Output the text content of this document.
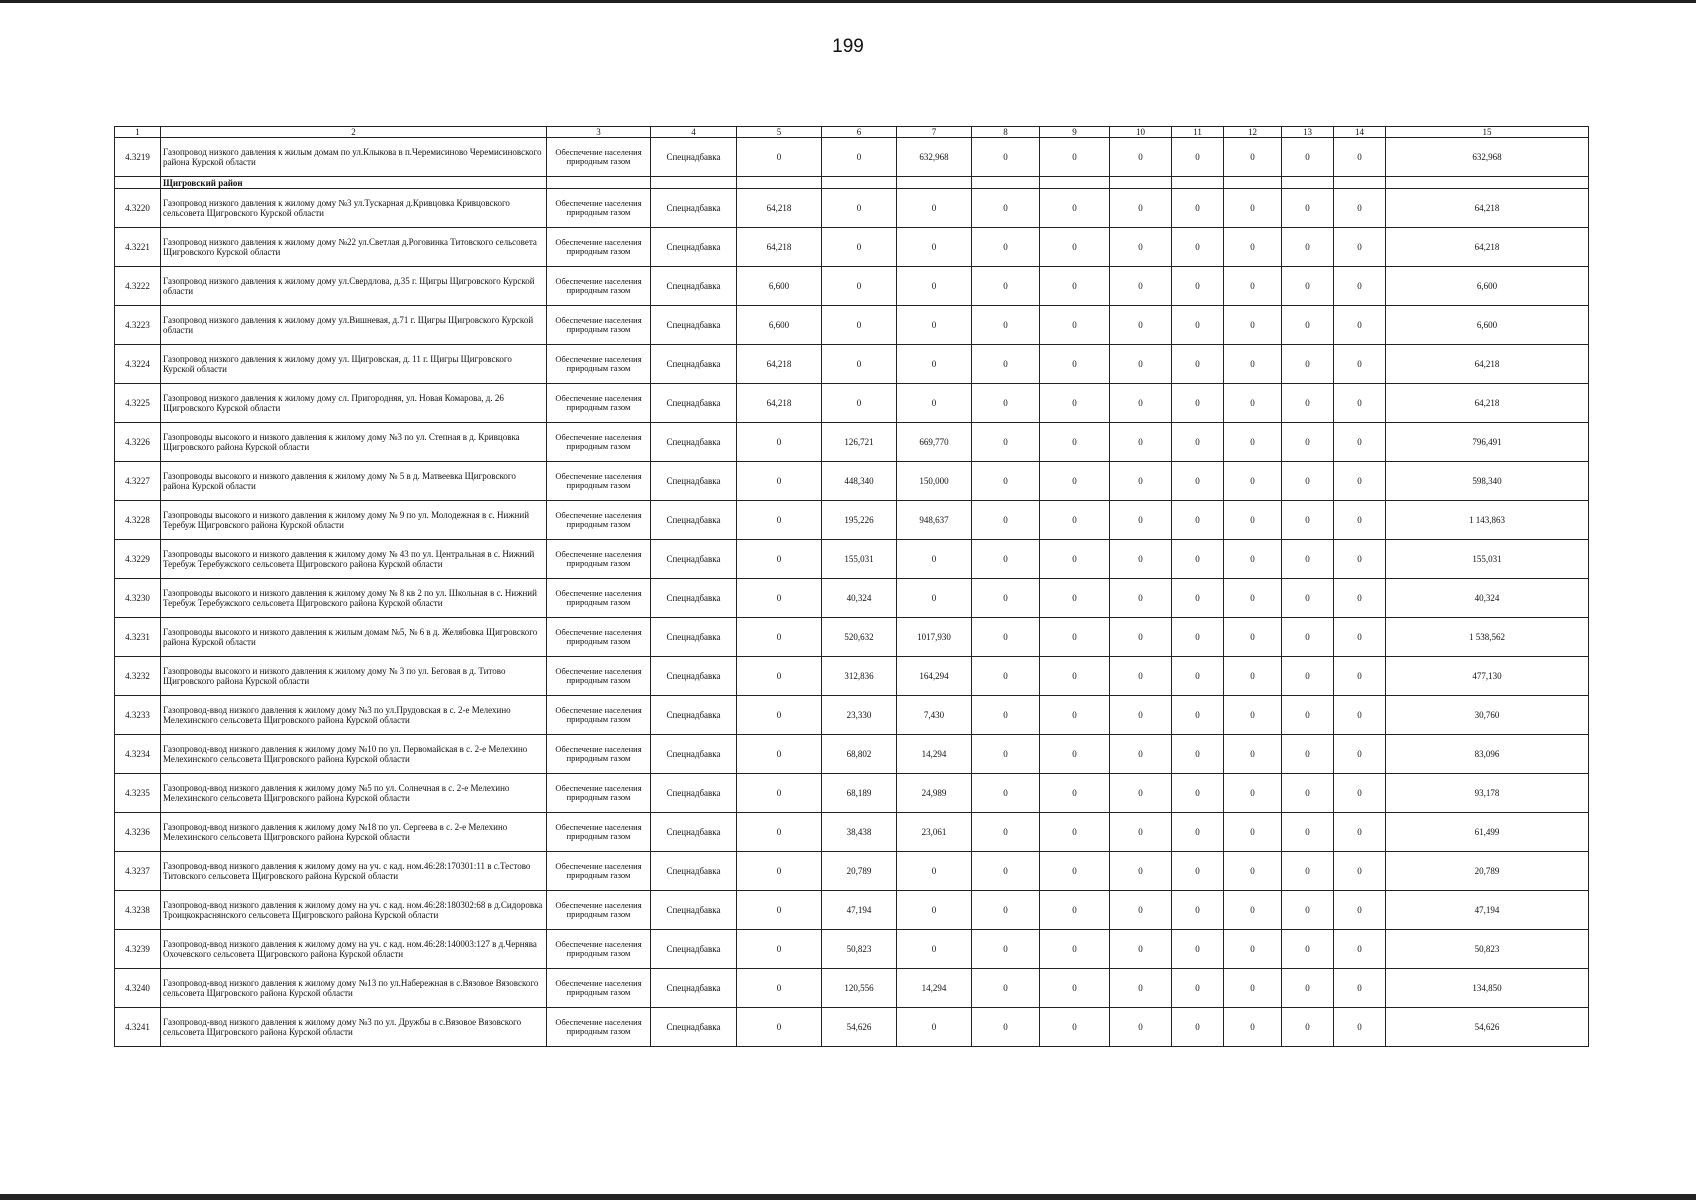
199
1	2	3	4	5	6	7	8	9	10	11	12	13	14	15
4.3219	Газопровод низкого давления к жилым домам по ул.Клыкова в п.Черемисиново Черемисиновского района Курской области	Обеспечение населения природным газом	Спецнадбавка	0	0	632,968	0	0	0	0	0	0	0	632,968
	Щигровский район													
4.3220	Газопровод низкого давления к жилому дому №3 ул.Тускарная д.Кривцовка Кривцовского сельсовета Щигровского Курской области	Обеспечение населения природным газом	Спецнадбавка	64,218	0	0	0	0	0	0	0	0	0	64,218
4.3221	Газопровод низкого давления к жилому дому №22 ул.Светлая д.Роговинка Титовского сельсовета Щигровского Курской области	Обеспечение населения природным газом	Спецнадбавка	64,218	0	0	0	0	0	0	0	0	0	64,218
4.3222	Газопровод низкого давления к жилому дому ул.Свердлова, д.35 г. Щигры Щигровского Курской области	Обеспечение населения природным газом	Спецнадбавка	6,600	0	0	0	0	0	0	0	0	0	6,600
4.3223	Газопровод низкого давления к жилому дому ул.Вишневая, д.71 г. Щигры Щигровского Курской области	Обеспечение населения природным газом	Спецнадбавка	6,600	0	0	0	0	0	0	0	0	0	6,600
4.3224	Газопровод низкого давления к жилому дому ул. Щигровская, д. 11 г. Щигры Щигровского Курской области	Обеспечение населения природным газом	Спецнадбавка	64,218	0	0	0	0	0	0	0	0	0	64,218
4.3225	Газопровод низкого давления к жилому дому сл. Пригородняя, ул. Новая Комарова, д. 26 Щигровского Курской области	Обеспечение населения природным газом	Спецнадбавка	64,218	0	0	0	0	0	0	0	0	0	64,218
4.3226	Газопроводы высокого и низкого давления к жилому дому №3 по ул. Степная в д. Кривцовка Щигровского района Курской области	Обеспечение населения природным газом	Спецнадбавка	0	126,721	669,770	0	0	0	0	0	0	0	796,491
4.3227	Газопроводы высокого и низкого давления к жилому дому № 5 в д. Матвеевка Щигровского района Курской области	Обеспечение населения природным газом	Спецнадбавка	0	448,340	150,000	0	0	0	0	0	0	0	598,340
4.3228	Газопроводы высокого и низкого давления к жилому дому № 9 по ул. Молодежная в с. Нижний Теребуж Щигровского района Курской области	Обеспечение населения природным газом	Спецнадбавка	0	195,226	948,637	0	0	0	0	0	0	0	1 143,863
4.3229	Газопроводы высокого и низкого давления к жилому дому № 43 по ул. Центральная в с. Нижний Теребуж Теребужского сельсовета Щигровского района Курской области	Обеспечение населения природным газом	Спецнадбавка	0	155,031	0	0	0	0	0	0	0	0	155,031
4.3230	Газопроводы высокого и низкого давления к жилому дому № 8 кв 2 по ул. Школьная в с. Нижний Теребуж Теребужского сельсовета Щигровского района Курской области	Обеспечение населения природным газом	Спецнадбавка	0	40,324	0	0	0	0	0	0	0	0	40,324
4.3231	Газопроводы высокого и низкого давления к жилым домам №5, № 6 в д. Желябовка Щигровского района Курской области	Обеспечение населения природным газом	Спецнадбавка	0	520,632	1017,930	0	0	0	0	0	0	0	1 538,562
4.3232	Газопроводы высокого и низкого давления к жилому дому № 3 по ул. Беговая в д. Титово Щигровского района Курской области	Обеспечение населения природным газом	Спецнадбавка	0	312,836	164,294	0	0	0	0	0	0	0	477,130
4.3233	Газопровод-ввод низкого давления к жилому дому №3 по ул.Прудовская в с. 2-е Мелехино Мелехинского сельсовета Щигровского района Курской области	Обеспечение населения природным газом	Спецнадбавка	0	23,330	7,430	0	0	0	0	0	0	0	30,760
4.3234	Газопровод-ввод низкого давления к жилому дому №10 по ул. Первомайская в с. 2-е Мелехино Мелехинского сельсовета Щигровского района Курской области	Обеспечение населения природным газом	Спецнадбавка	0	68,802	14,294	0	0	0	0	0	0	0	83,096
4.3235	Газопровод-ввод низкого давления к жилому дому №5 по ул. Солнечная в с. 2-е Мелехино Мелехинского сельсовета Щигровского района Курской области	Обеспечение населения природным газом	Спецнадбавка	0	68,189	24,989	0	0	0	0	0	0	0	93,178
4.3236	Газопровод-ввод низкого давления к жилому дому №18 по ул. Сергеева в с. 2-е Мелехино Мелехинского сельсовета Щигровского района Курской области	Обеспечение населения природным газом	Спецнадбавка	0	38,438	23,061	0	0	0	0	0	0	0	61,499
4.3237	Газопровод-ввод низкого давления к жилому дому на уч. с кад. ном.46:28:170301:11 в с.Тестово Титовского сельсовета Щигровского района Курской области	Обеспечение населения природным газом	Спецнадбавка	0	20,789	0	0	0	0	0	0	0	0	20,789
4.3238	Газопровод-ввод низкого давления к жилому дому на уч. с кад. ном.46:28:180302:68 в д.Сидоровка Троицкокраснянского сельсовета Щигровского района Курской области	Обеспечение населения природным газом	Спецнадбавка	0	47,194	0	0	0	0	0	0	0	0	47,194
4.3239	Газопровод-ввод низкого давления к жилому дому на уч. с кад. ном.46:28:140003:127 в д.Чернява Охочевского сельсовета Щигровского района Курской области	Обеспечение населения природным газом	Спецнадбавка	0	50,823	0	0	0	0	0	0	0	0	50,823
4.3240	Газопровод-ввод низкого давления к жилому дому №13 по ул.Набережная в с.Вязовое Вязовского сельсовета Щигровского района Курской области	Обеспечение населения природным газом	Спецнадбавка	0	120,556	14,294	0	0	0	0	0	0	0	134,850
4.3241	Газопровод-ввод низкого давления к жилому дому №3 по ул. Дружбы в с.Вязовое Вязовского сельсовета Щигровского района Курской области	Обеспечение населения природным газом	Спецнадбавка	0	54,626	0	0	0	0	0	0	0	0	54,626
